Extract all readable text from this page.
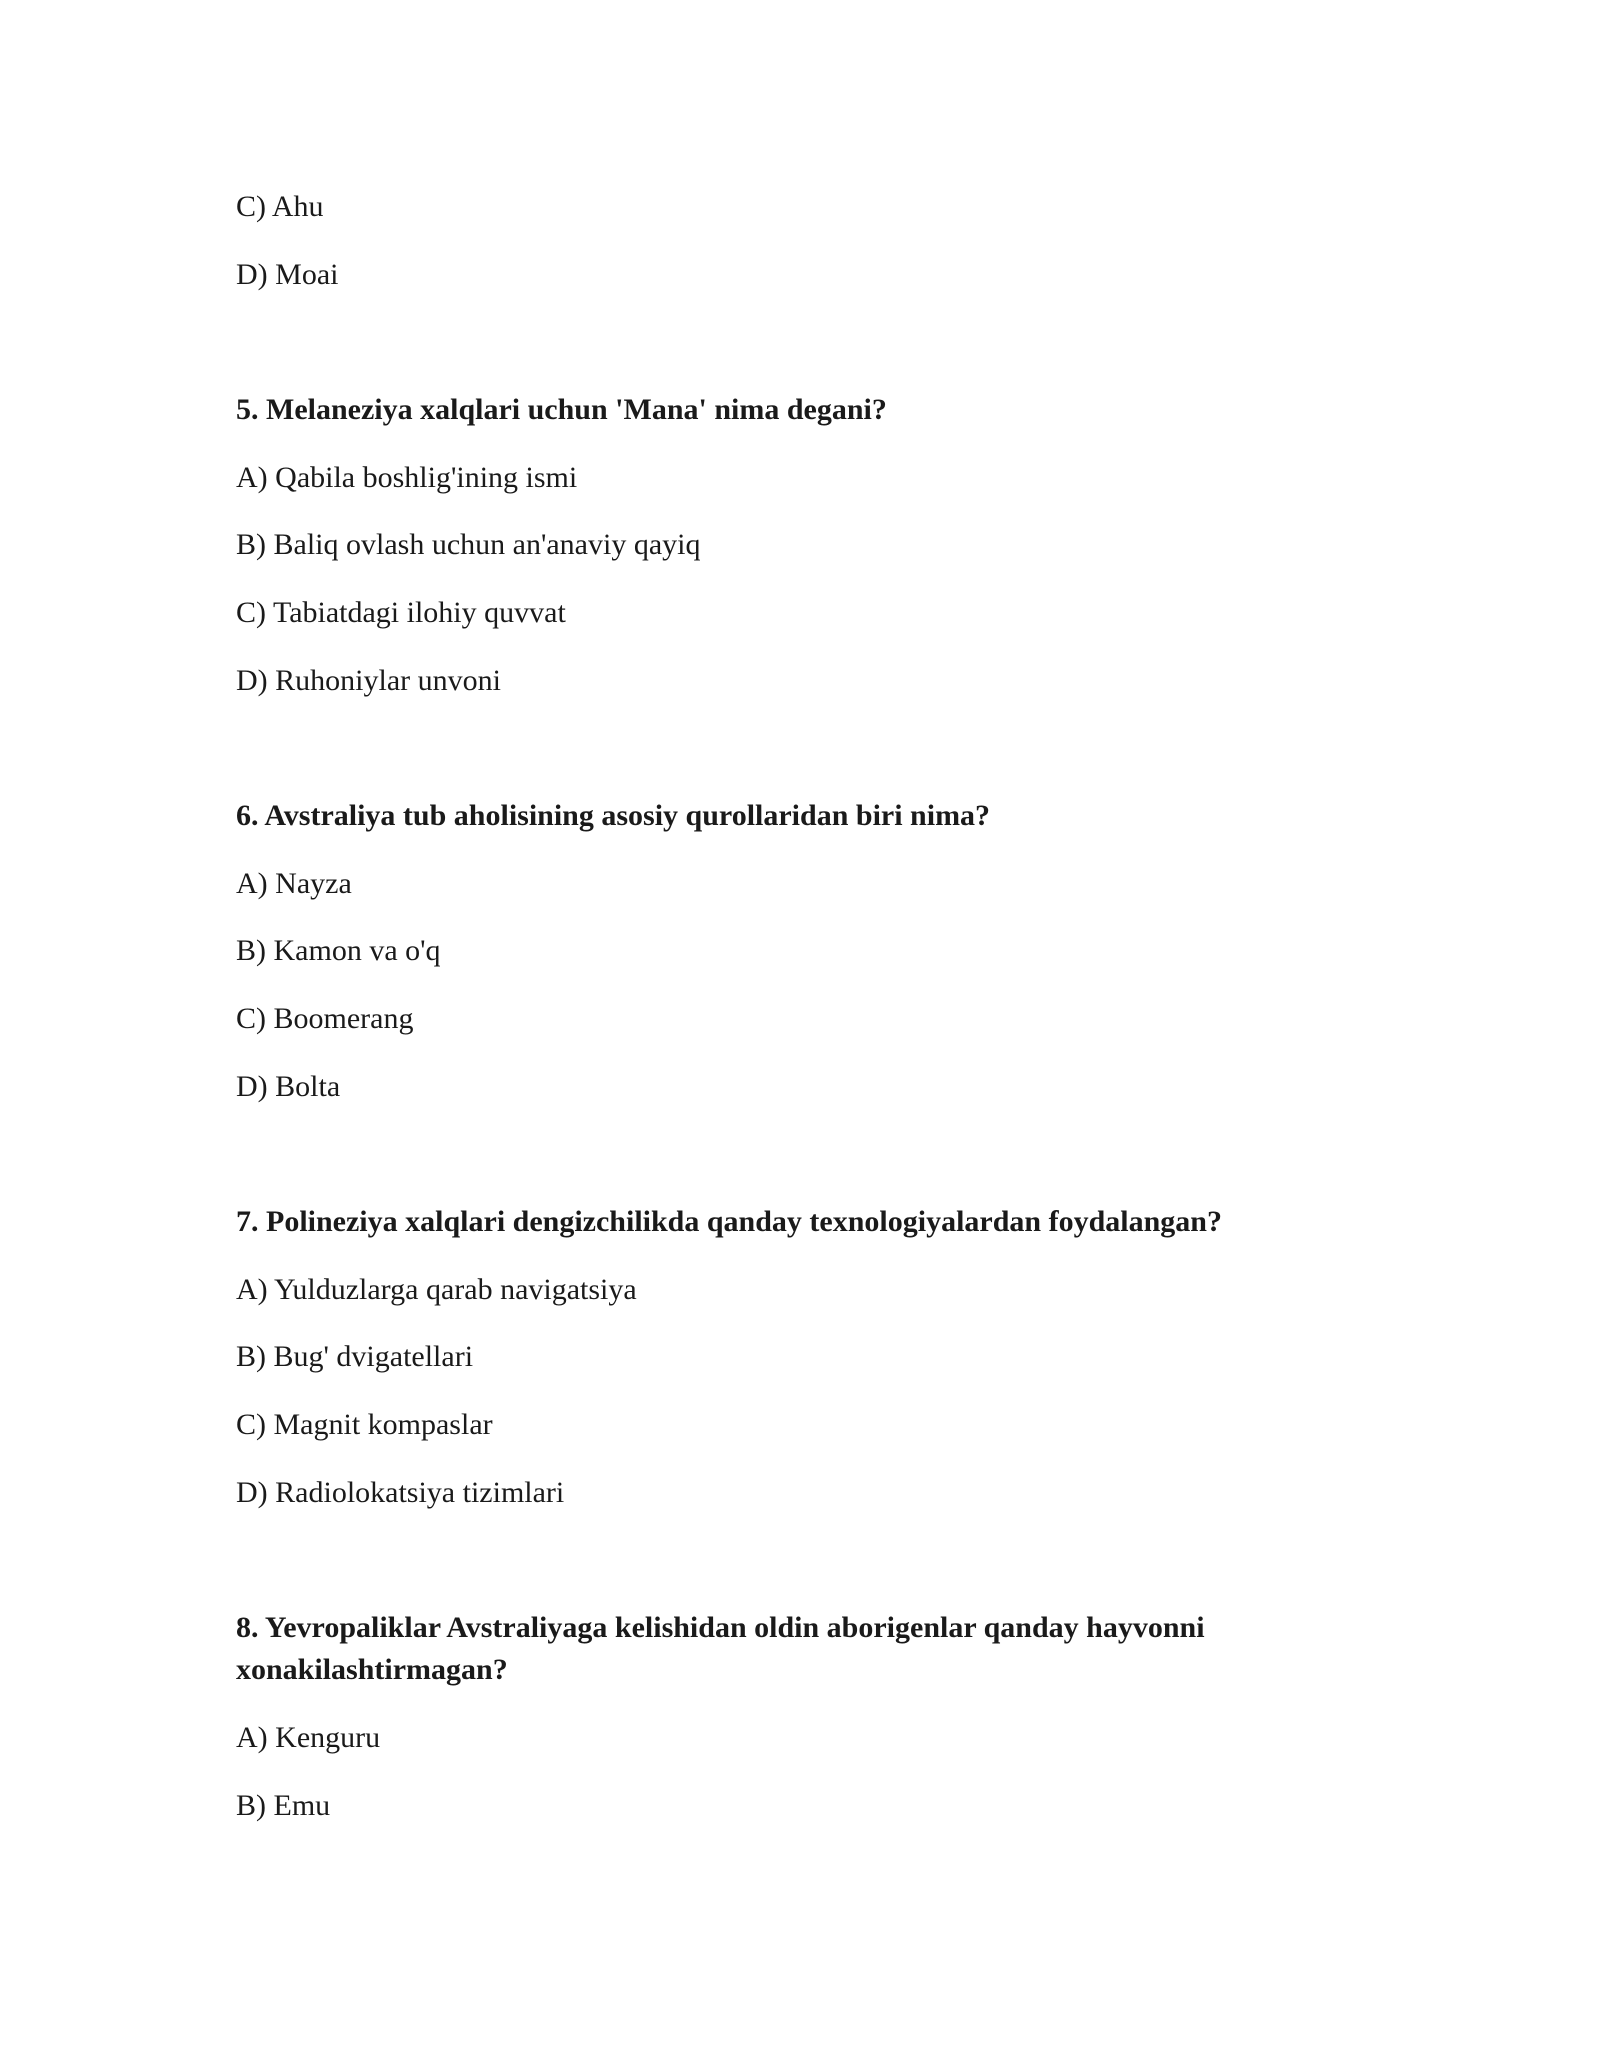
C) Ahu
D) Moai
5. Melaneziya xalqlari uchun 'Mana' nima degani?
A) Qabila boshlig'ining ismi
B) Baliq ovlash uchun an'anaviy qayiq
C) Tabiatdagi ilohiy quvvat
D) Ruhoniylar unvoni
6. Avstraliya tub aholisining asosiy qurollaridan biri nima?
A) Nayza
B) Kamon va o'q
C) Boomerang
D) Bolta
7. Polineziya xalqlari dengizchilikda qanday texnologiyalardan foydalangan?
A) Yulduzlarga qarab navigatsiya
B) Bug' dvigatellari
C) Magnit kompaslar
D) Radiolokatsiya tizimlari
8. Yevropaliklar Avstraliyaga kelishidan oldin aborigenlar qanday hayvonni xonakilashtirmagan?
A) Kenguru
B) Emu
